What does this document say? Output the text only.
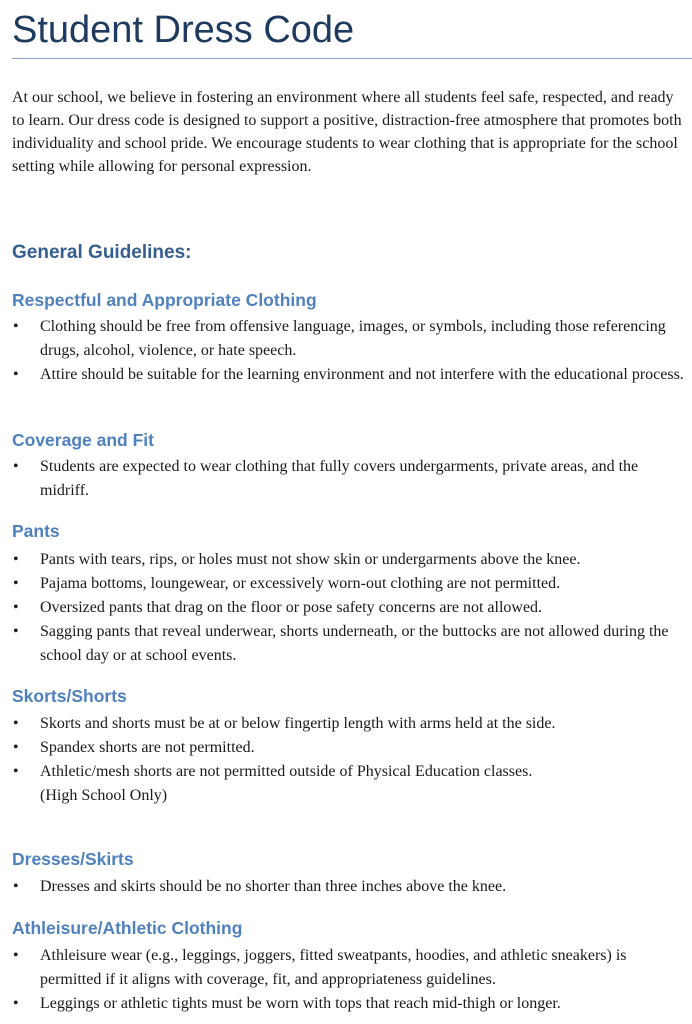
Student Dress Code

At our school, we believe in fostering an environment where all students feel safe, respected, and ready to learn. Our dress code is designed to support a positive, distraction-free atmosphere that promotes both individuality and school pride. We encourage students to wear clothing that is appropriate for the school setting while allowing for personal expression.

General Guidelines:
Respectful and Appropriate Clothing
•	Clothing should be free from offensive language, images, or symbols, including those referencing drugs, alcohol, violence, or hate speech.
•	Attire should be suitable for the learning environment and not interfere with the educational process.
Coverage and Fit
•	Students are expected to wear clothing that fully covers undergarments, private areas, and the midriff.
Pants
•	Pants with tears, rips, or holes must not show skin or undergarments above the knee.
•	Pajama bottoms, loungewear, or excessively worn-out clothing are not permitted.
•	Oversized pants that drag on the floor or pose safety concerns are not allowed.
•	Sagging pants that reveal underwear, shorts underneath, or the buttocks are not allowed during the school day or at school events.
Skorts/Shorts
•	Skorts and shorts must be at or below fingertip length with arms held at the side.
•	Spandex shorts are not permitted.
•	Athletic/mesh shorts are not permitted outside of Physical Education classes.
(High School Only)
Dresses/Skirts
•	Dresses and skirts should be no shorter than three inches above the knee.
Athleisure/Athletic Clothing
•	Athleisure wear (e.g., leggings, joggers, fitted sweatpants, hoodies, and athletic sneakers) is permitted if it aligns with coverage, fit, and appropriateness guidelines.
•	Leggings or athletic tights must be worn with tops that reach mid-thigh or longer.
